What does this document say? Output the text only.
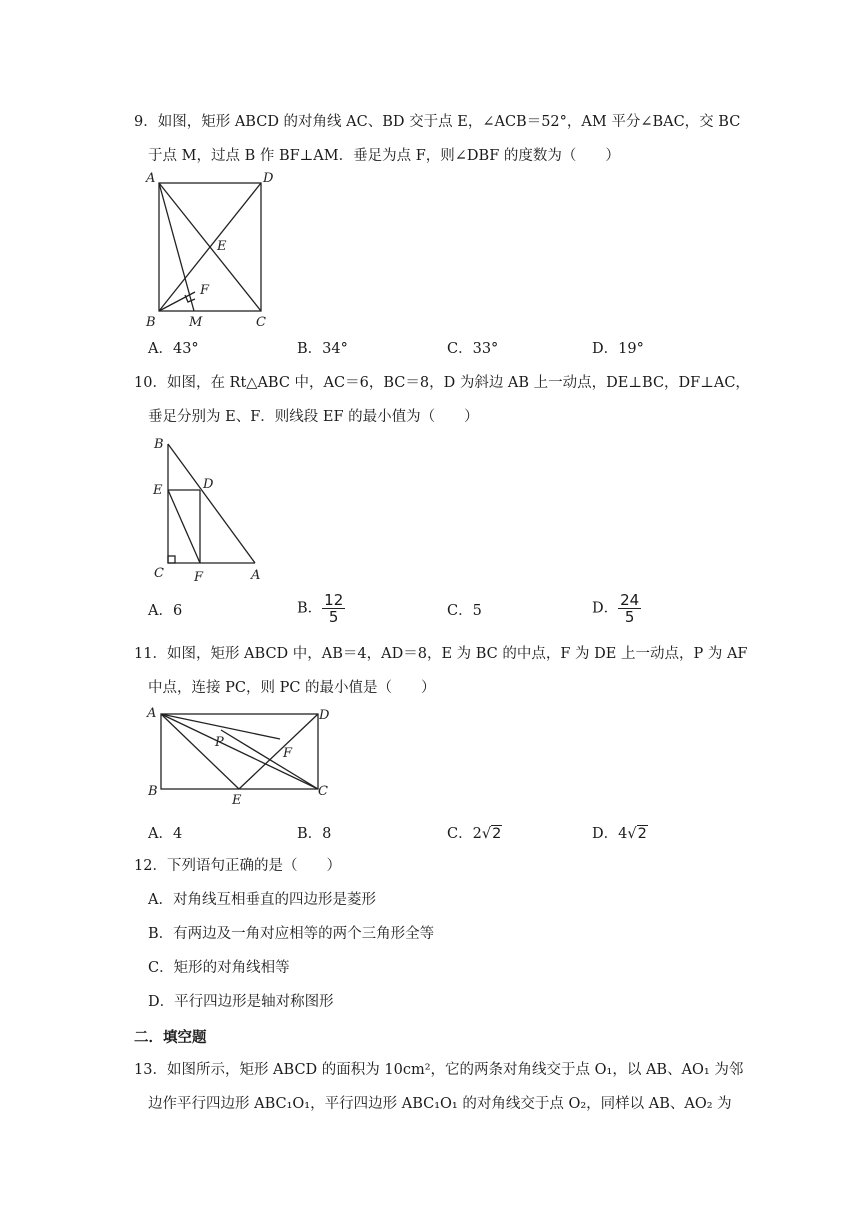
9．如图，矩形 ABCD 的对角线 AC、BD 交于点 E，∠ACB＝52°，AM 平分∠BAC，交 BC
于点 M，过点 B 作 BF⊥AM．垂足为点 F，则∠DBF 的度数为（　　）
A	D
E
F
B	M	C
A．43°	B．34°	C．33°	D．19°
10．如图，在 Rt△ABC 中，AC＝6，BC＝8，D 为斜边 AB 上一动点，DE⊥BC，DF⊥AC，
垂足分别为 E、F．则线段 EF 的最小值为（　　）
B
E	D
C F	A
A．6	B． $\frac{12}{5}$	C．5	D． $\frac{24}{5}$
11．如图，矩形 ABCD 中，AB＝4，AD＝8，E 为 BC 的中点，F 为 DE 上一动点，P 为 AF
中点，连接 PC，则 PC 的最小值是（　　）
A	D
P
F
B
E
C
A．4	B．8	C．2√2	D．4√2
12．下列语句正确的是（　　）
A．对角线互相垂直的四边形是菱形
B．有两边及一角对应相等的两个三角形全等
C．矩形的对角线相等
D．平行四边形是轴对称图形
二．填空题
13．如图所示，矩形 ABCD 的面积为 10cm²，它的两条对角线交于点 O₁，以 AB、AO₁ 为邻
边作平行四边形 ABC₁O₁，平行四边形 ABC₁O₁ 的对角线交于点 O₂，同样以 AB、AO₂ 为
